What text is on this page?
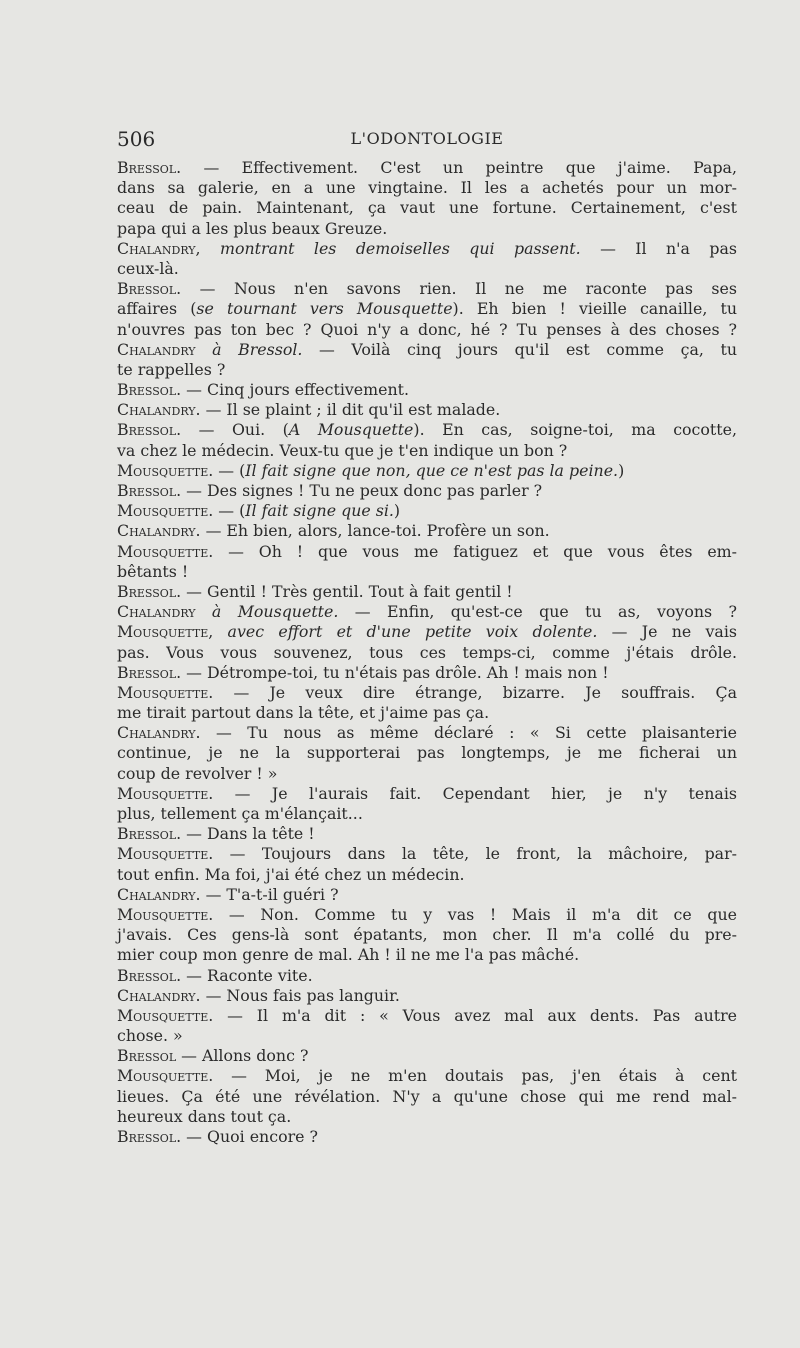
506	L'ODONTOLOGIE
Bressol. — Effectivement. C'est un peintre que j'aime. Papa,
dans sa galerie, en a une vingtaine. Il les a achetés pour un mor-
ceau de pain. Maintenant, ça vaut une fortune. Certainement, c'est
papa qui a les plus beaux Greuze.
Chalandry, montrant les demoiselles qui passent. — Il n'a pas
ceux-là.
Bressol. — Nous n'en savons rien. Il ne me raconte pas ses
affaires (se tournant vers Mousquette). Eh bien ! vieille canaille, tu
n'ouvres pas ton bec ? Quoi n'y a donc, hé ? Tu penses à des choses ?
Chalandry à Bressol. — Voilà cinq jours qu'il est comme ça, tu
te rappelles ?
Bressol. — Cinq jours effectivement.
Chalandry. — Il se plaint ; il dit qu'il est malade.
Bressol. — Oui. (A Mousquette). En cas, soigne-toi, ma cocotte,
va chez le médecin. Veux-tu que je t'en indique un bon ?
Mousquette. — (Il fait signe que non, que ce n'est pas la peine.)
Bressol. — Des signes ! Tu ne peux donc pas parler ?
Mousquette. — (Il fait signe que si.)
Chalandry. — Eh bien, alors, lance-toi. Profère un son.
Mousquette. — Oh ! que vous me fatiguez et que vous êtes em-
bêtants !
Bressol. — Gentil ! Très gentil. Tout à fait gentil !
Chalandry à Mousquette. — Enfin, qu'est-ce que tu as, voyons ?
Mousquette, avec effort et d'une petite voix dolente. — Je ne vais
pas. Vous vous souvenez, tous ces temps-ci, comme j'étais drôle.
Bressol. — Détrompe-toi, tu n'étais pas drôle. Ah ! mais non !
Mousquette. — Je veux dire étrange, bizarre. Je souffrais. Ça
me tirait partout dans la tête, et j'aime pas ça.
Chalandry. — Tu nous as même déclaré : « Si cette plaisanterie
continue, je ne la supporterai pas longtemps, je me ficherai un
coup de revolver ! »
Mousquette. — Je l'aurais fait. Cependant hier, je n'y tenais
plus, tellement ça m'élançait...
Bressol. — Dans la tête !
Mousquette. — Toujours dans la tête, le front, la mâchoire, par-
tout enfin. Ma foi, j'ai été chez un médecin.
Chalandry. — T'a-t-il guéri ?
Mousquette. — Non. Comme tu y vas ! Mais il m'a dit ce que
j'avais. Ces gens-là sont épatants, mon cher. Il m'a collé du pre-
mier coup mon genre de mal. Ah ! il ne me l'a pas mâché.
Bressol. — Raconte vite.
Chalandry. — Nous fais pas languir.
Mousquette. — Il m'a dit : « Vous avez mal aux dents. Pas autre
chose. »
Bressol — Allons donc ?
Mousquette. — Moi, je ne m'en doutais pas, j'en étais à cent
lieues. Ça été une révélation. N'y a qu'une chose qui me rend mal-
heureux dans tout ça.
Bressol. — Quoi encore ?
